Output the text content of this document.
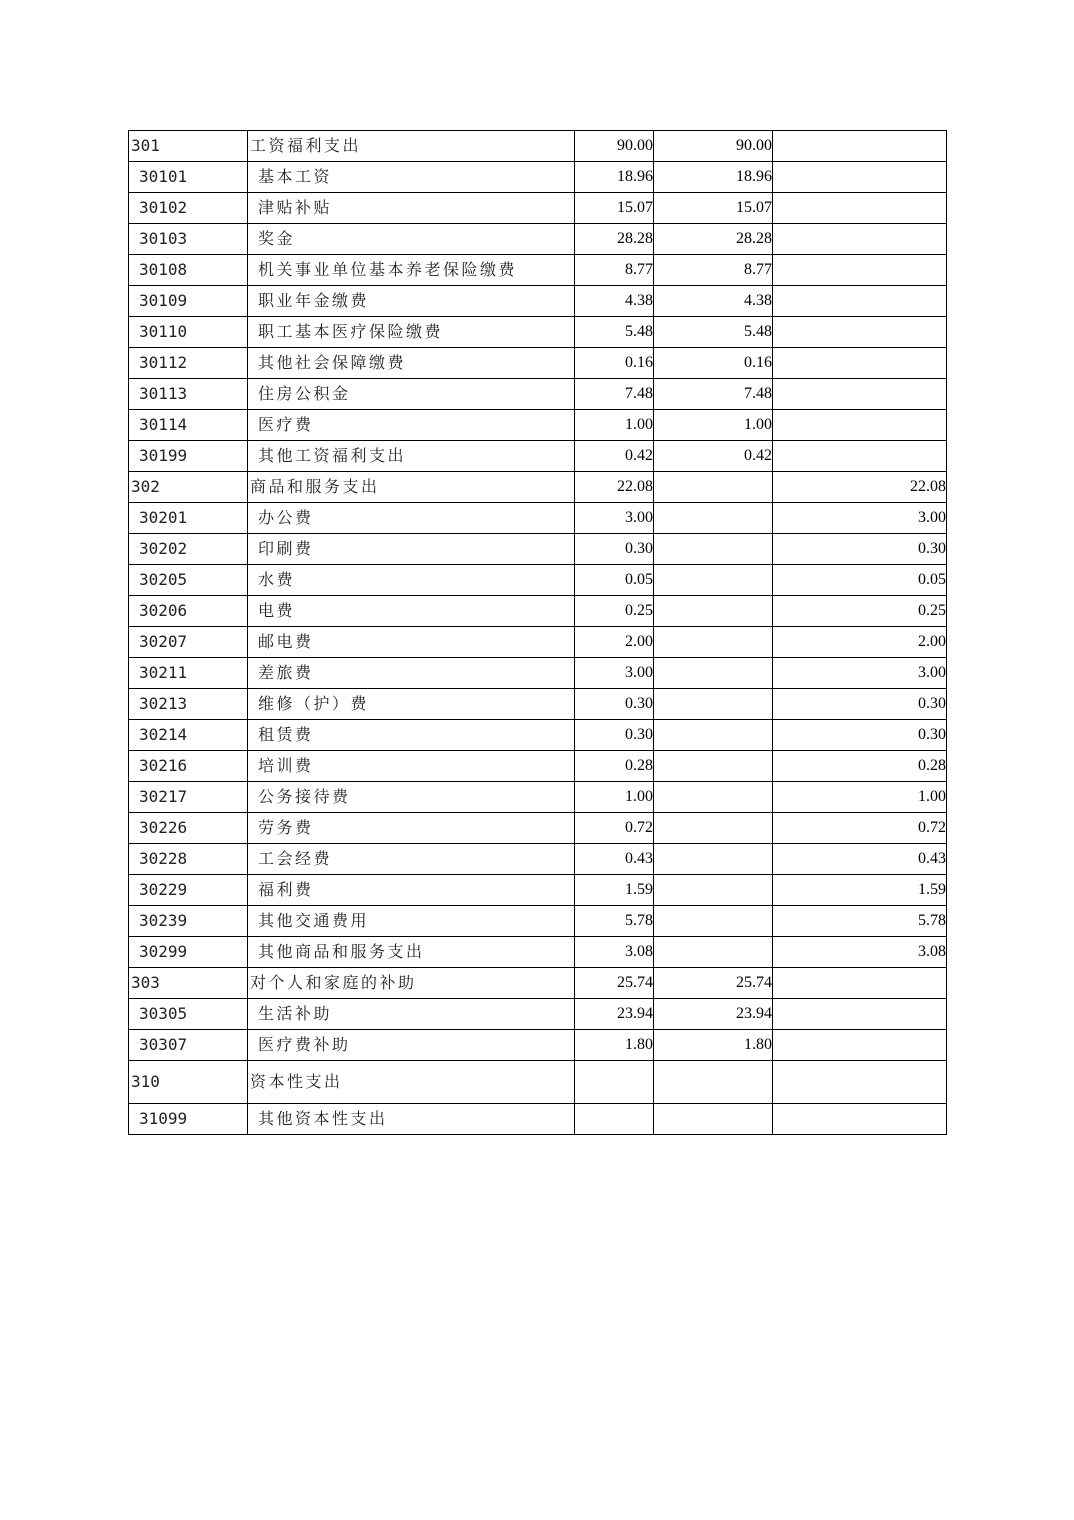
301	工资福利支出	90.00	90.00	
30101	基本工资	18.96	18.96	
30102	津贴补贴	15.07	15.07	
30103	奖金	28.28	28.28	
30108	机关事业单位基本养老保险缴费	8.77	8.77	
30109	职业年金缴费	4.38	4.38	
30110	职工基本医疗保险缴费	5.48	5.48	
30112	其他社会保障缴费	0.16	0.16	
30113	住房公积金	7.48	7.48	
30114	医疗费	1.00	1.00	
30199	其他工资福利支出	0.42	0.42	
302	商品和服务支出	22.08		22.08
30201	办公费	3.00		3.00
30202	印刷费	0.30		0.30
30205	水费	0.05		0.05
30206	电费	0.25		0.25
30207	邮电费	2.00		2.00
30211	差旅费	3.00		3.00
30213	维修（护）费	0.30		0.30
30214	租赁费	0.30		0.30
30216	培训费	0.28		0.28
30217	公务接待费	1.00		1.00
30226	劳务费	0.72		0.72
30228	工会经费	0.43		0.43
30229	福利费	1.59		1.59
30239	其他交通费用	5.78		5.78
30299	其他商品和服务支出	3.08		3.08
303	对个人和家庭的补助	25.74	25.74	
30305	生活补助	23.94	23.94	
30307	医疗费补助	1.80	1.80	
310	资本性支出			
31099	其他资本性支出			
